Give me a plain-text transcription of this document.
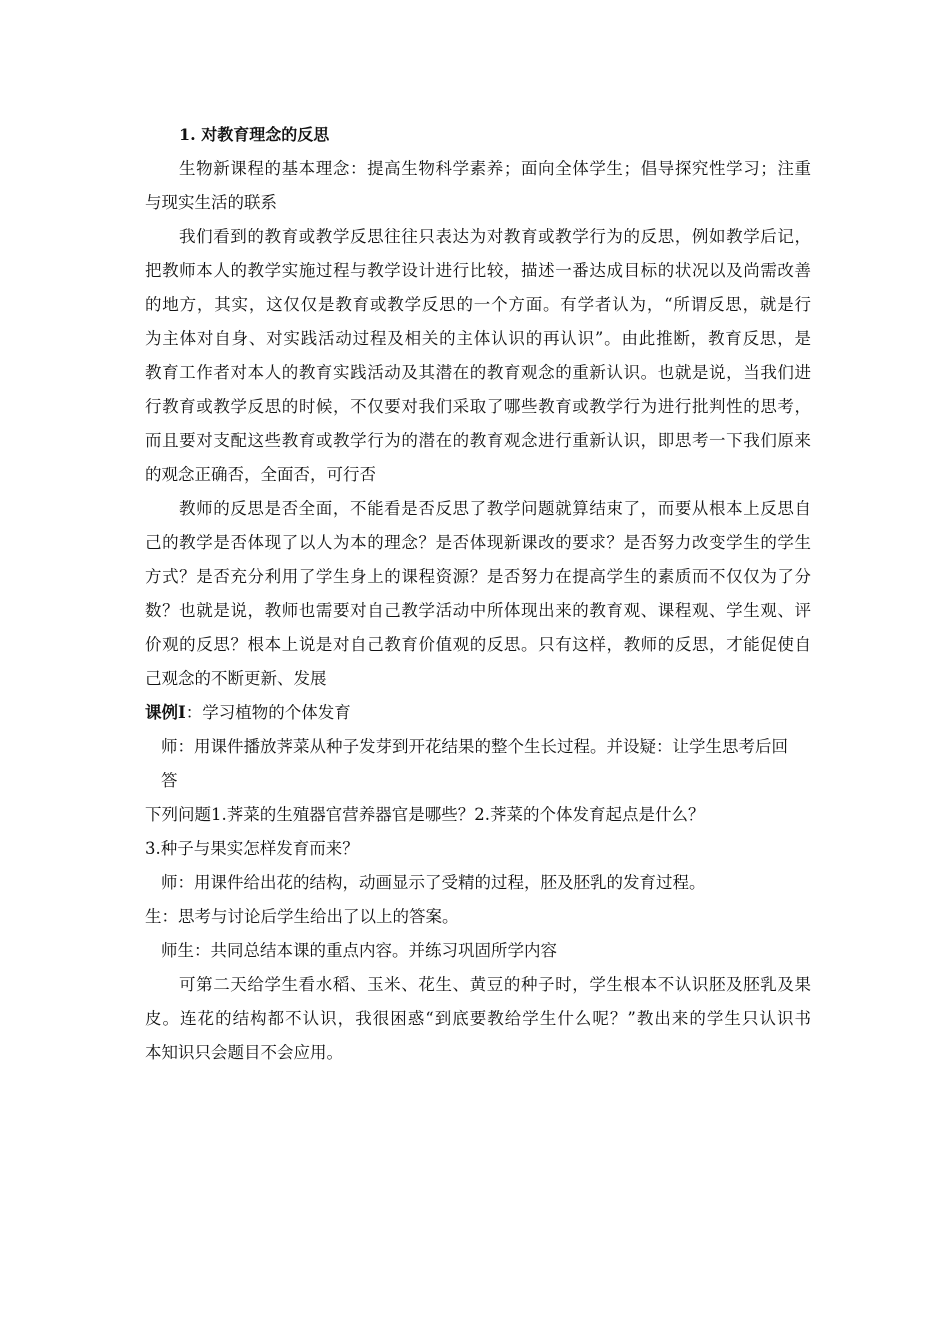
1. 对教育理念的反思
生物新课程的基本理念：提高生物科学素养；面向全体学生；倡导探究性学习；注重
与现实生活的联系
我们看到的教育或教学反思往往只表达为对教育或教学行为的反思，例如教学后记，
把教师本人的教学实施过程与教学设计进行比较，描述一番达成目标的状况以及尚需改善
的地方，其实，这仅仅是教育或教学反思的一个方面。有学者认为，“所谓反思，就是行
为主体对自身、对实践活动过程及相关的主体认识的再认识”。由此推断，教育反思，是
教育工作者对本人的教育实践活动及其潜在的教育观念的重新认识。也就是说，当我们进
行教育或教学反思的时候，不仅要对我们采取了哪些教育或教学行为进行批判性的思考，
而且要对支配这些教育或教学行为的潜在的教育观念进行重新认识，即思考一下我们原来
的观念正确否，全面否，可行否
教师的反思是否全面，不能看是否反思了教学问题就算结束了，而要从根本上反思自
己的教学是否体现了以人为本的理念？是否体现新课改的要求？是否努力改变学生的学生
方式？是否充分利用了学生身上的课程资源？是否努力在提高学生的素质而不仅仅为了分
数？也就是说，教师也需要对自己教学活动中所体现出来的教育观、课程观、学生观、评
价观的反思？根本上说是对自己教育价值观的反思。只有这样，教师的反思，才能促使自
己观念的不断更新、发展
课例Ⅰ：学习植物的个体发育
师：用课件播放荠菜从种子发芽到开花结果的整个生长过程。并设疑：让学生思考后回
答
下列问题1.荠菜的生殖器官营养器官是哪些？2.荠菜的个体发育起点是什么？
3.种子与果实怎样发育而来？
师：用课件给出花的结构，动画显示了受精的过程，胚及胚乳的发育过程。
生：思考与讨论后学生给出了以上的答案。
师生：共同总结本课的重点内容。并练习巩固所学内容
可第二天给学生看水稻、玉米、花生、黄豆的种子时，学生根本不认识胚及胚乳及果
皮。连花的结构都不认识，我很困惑“到底要教给学生什么呢？”教出来的学生只认识书
本知识只会题目不会应用。
